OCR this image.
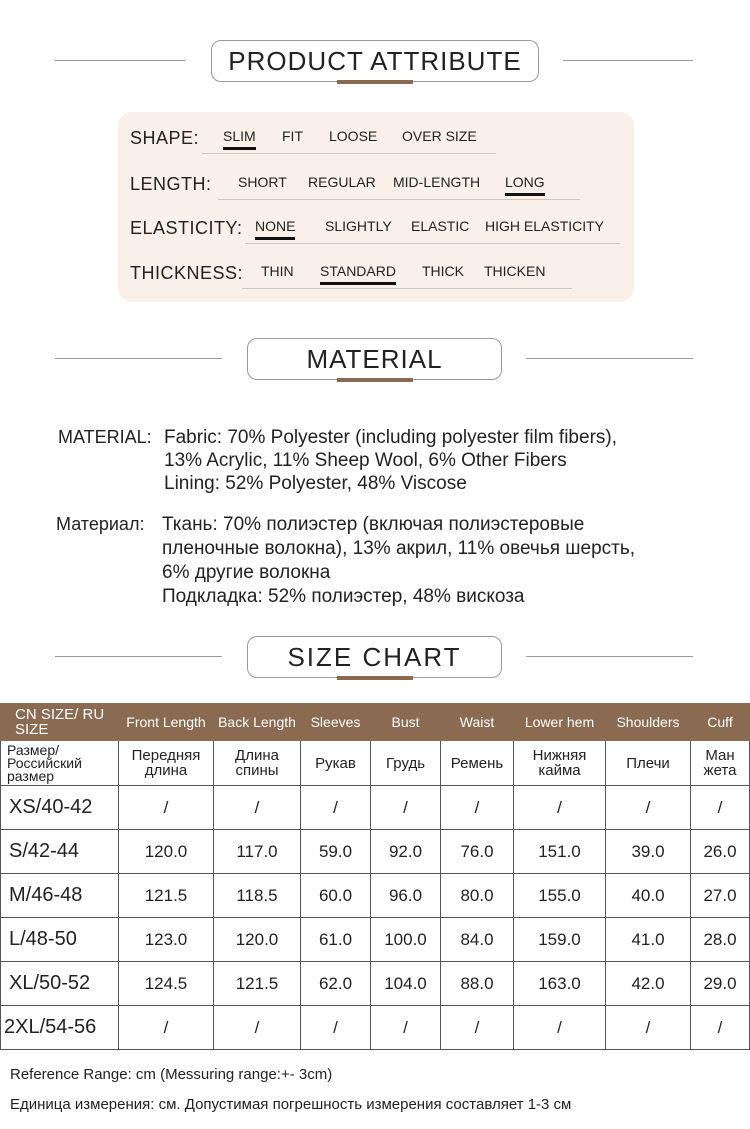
PRODUCT ATTRIBUTE
SHAPE: SLIM FIT LOOSE OVER SIZE
LENGTH: SHORT REGULAR MID-LENGTH LONG
ELASTICITY: NONE SLIGHTLY ELASTIC HIGH ELASTICITY
THICKNESS: THIN STANDARD THICK THICKEN
MATERIAL
MATERIAL: Fabric: 70% Polyester (including polyester film fibers),
13% Acrylic, 11% Sheep Wool, 6% Other Fibers
Lining: 52% Polyester, 48% Viscose
Материал: Ткань: 70% полиэстер (включая полиэстеровые
пленочные волокна), 13% акрил, 11% овечья шерсть,
6% другие волокна
Подкладка: 52% полиэстер, 48% вискоза
SIZE CHART
CN SIZE/ RU SIZE	Front Length	Back Length	Sleeves	Bust	Waist	Lower hem	Shoulders	Cuff
Размер/ Российский размер	Передняя длина	Длина спины	Рукав	Грудь	Ремень	Нижняя кайма	Плечи	Ман жета
XS/40-42	/	/	/	/	/	/	/	/
S/42-44	120.0	117.0	59.0	92.0	76.0	151.0	39.0	26.0
M/46-48	121.5	118.5	60.0	96.0	80.0	155.0	40.0	27.0
L/48-50	123.0	120.0	61.0	100.0	84.0	159.0	41.0	28.0
XL/50-52	124.5	121.5	62.0	104.0	88.0	163.0	42.0	29.0
2XL/54-56	/	/	/	/	/	/	/	/
Reference Range: cm (Messuring range:+- 3cm)
Единица измерения: см. Допустимая погрешность измерения составляет 1-3 см
